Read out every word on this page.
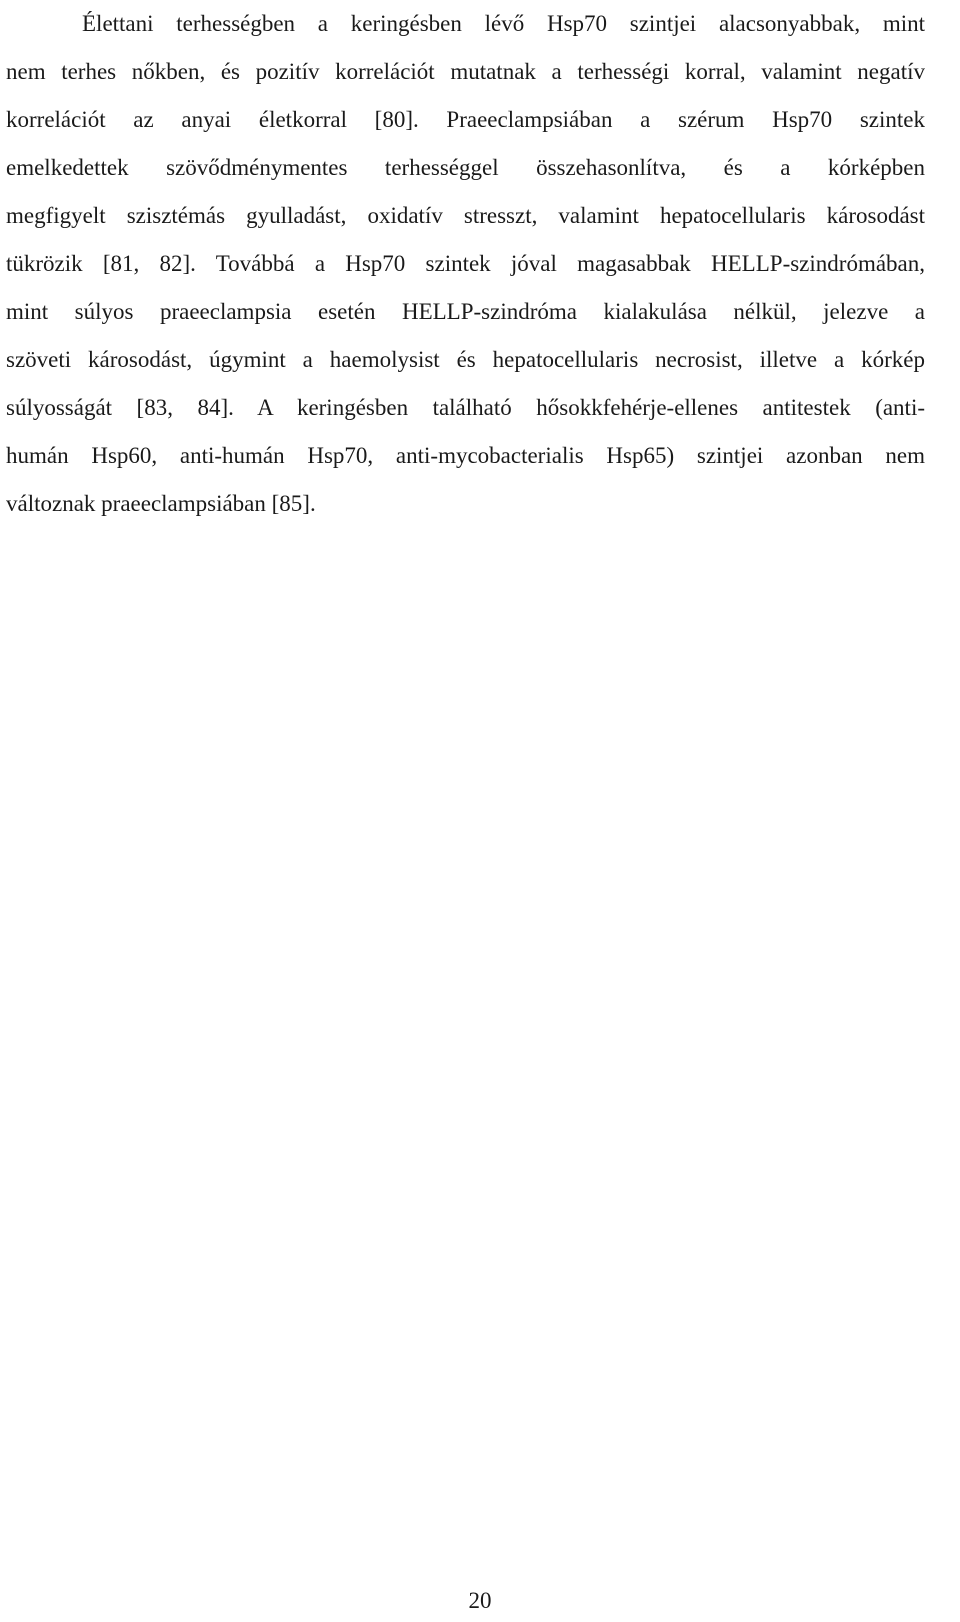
Élettani terhességben a keringésben lévő Hsp70 szintjei alacsonyabbak, mint
nem terhes nőkben, és pozitív korrelációt mutatnak a terhességi korral, valamint negatív
korrelációt az anyai életkorral [80]. Praeeclampsiában a szérum Hsp70 szintek
emelkedettek szövődménymentes terhességgel összehasonlítva, és a kórképben
megfigyelt szisztémás gyulladást, oxidatív stresszt, valamint hepatocellularis károsodást
tükrözik [81, 82]. Továbbá a Hsp70 szintek jóval magasabbak HELLP-szindrómában,
mint súlyos praeeclampsia esetén HELLP-szindróma kialakulása nélkül, jelezve a
szöveti károsodást, úgymint a haemolysist és hepatocellularis necrosist, illetve a kórkép
súlyosságát [83, 84]. A keringésben található hősokkfehérje-ellenes antitestek (anti-
humán Hsp60, anti-humán Hsp70, anti-mycobacterialis Hsp65) szintjei azonban nem
változnak praeeclampsiában [85].
20
